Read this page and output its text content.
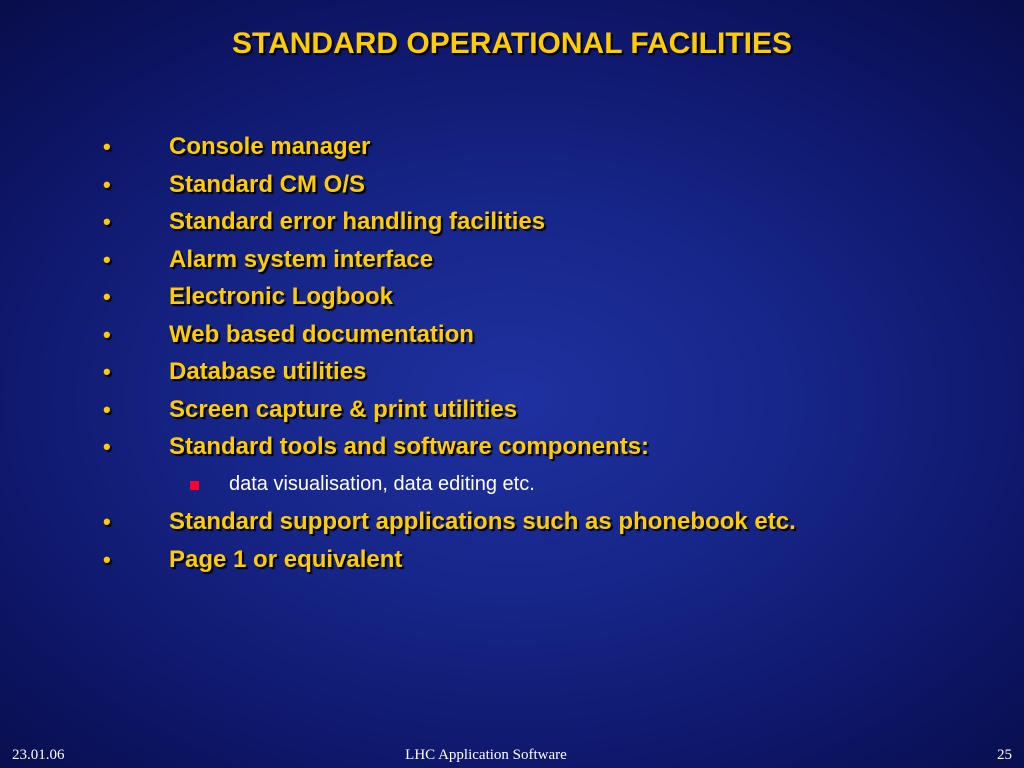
STANDARD OPERATIONAL FACILITIES
• Console manager
• Standard CM O/S
• Standard error handling facilities
• Alarm system interface
• Electronic Logbook
• Web based documentation
• Database utilities
• Screen capture & print utilities
• Standard tools and software components:
data visualisation, data editing etc.
• Standard support applications such as phonebook etc.
• Page 1 or equivalent
23.01.06	LHC Application Software	25
